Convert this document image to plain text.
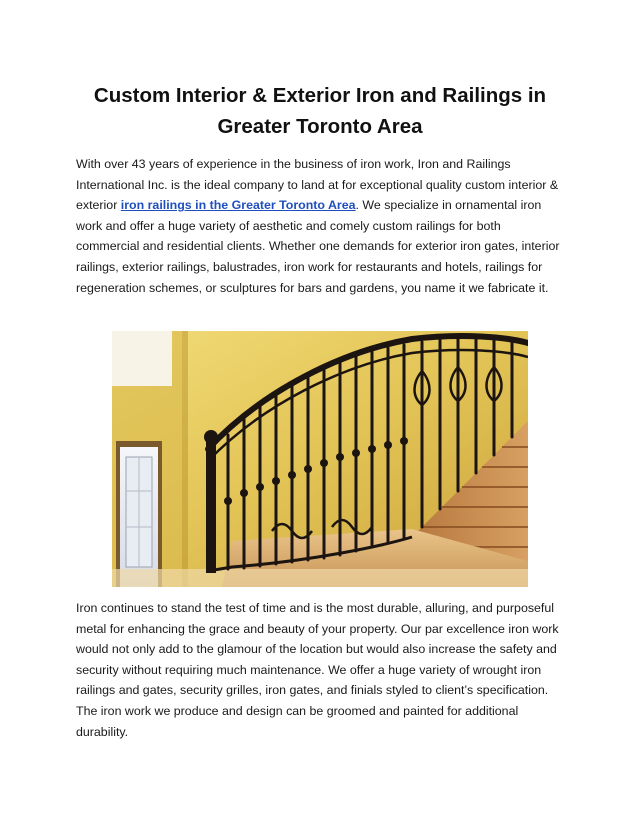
Custom Interior & Exterior Iron and Railings in
Greater Toronto Area

With over 43 years of experience in the business of iron work, Iron and Railings International Inc. is the ideal company to land at for exceptional quality custom interior & exterior iron railings in the Greater Toronto Area. We specialize in ornamental iron work and offer a huge variety of aesthetic and comely custom railings for both commercial and residential clients. Whether one demands for exterior iron gates, interior railings, exterior railings, balustrades, iron work for restaurants and hotels, railings for regeneration schemes, or sculptures for bars and gardens, you name it we fabricate it.

Iron continues to stand the test of time and is the most durable, alluring, and purposeful metal for enhancing the grace and beauty of your property. Our par excellence iron work would not only add to the glamour of the location but would also increase the safety and security without requiring much maintenance. We offer a huge variety of wrought iron railings and gates, security grilles, iron gates, and finials styled to client’s specification. The iron work we produce and design can be groomed and painted for additional durability.
